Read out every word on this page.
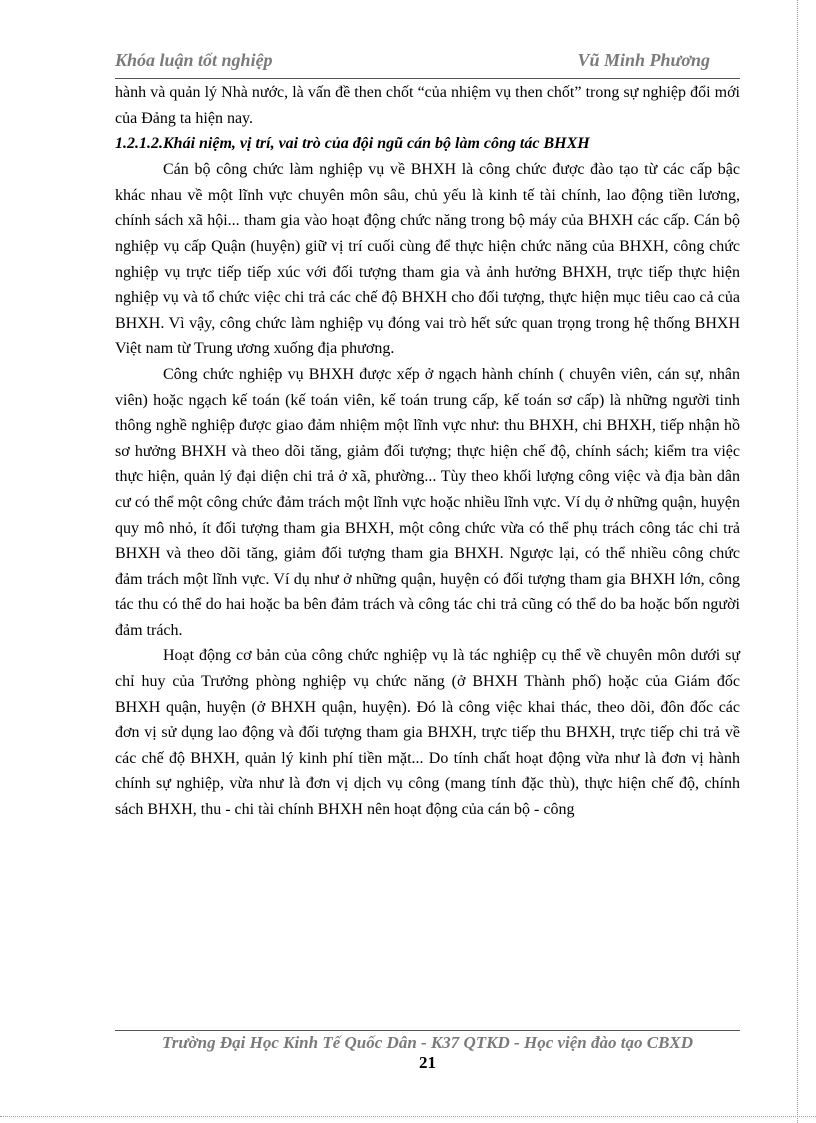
Khóa luận tốt nghiệp	Vũ Minh Phương

hành và quản lý Nhà nước, là vấn đề then chốt “của nhiệm vụ then chốt” trong sự nghiệp đổi mới của Đảng ta hiện nay.

1.2.1.2.Khái niệm, vị trí, vai trò của đội ngũ cán bộ làm công tác BHXH

Cán bộ công chức làm nghiệp vụ về BHXH là công chức được đào tạo từ các cấp bậc khác nhau về một lĩnh vực chuyên môn sâu, chủ yếu là kinh tế tài chính, lao động tiền lương, chính sách xã hội... tham gia vào hoạt động chức năng trong bộ máy của BHXH các cấp. Cán bộ nghiệp vụ cấp Quận (huyện) giữ vị trí cuối cùng để thực hiện chức năng của BHXH, công chức nghiệp vụ trực tiếp tiếp xúc với đối tượng tham gia và ảnh hưởng BHXH, trực tiếp thực hiện nghiệp vụ và tổ chức việc chi trả các chế độ BHXH cho đối tượng, thực hiện mục tiêu cao cả của BHXH. Vì vậy, công chức làm nghiệp vụ đóng vai trò hết sức quan trọng trong hệ thống BHXH Việt nam từ Trung ương xuống địa phương.

Công chức nghiệp vụ BHXH được xếp ở ngạch hành chính ( chuyên viên, cán sự, nhân viên) hoặc ngạch kế toán (kế toán viên, kế toán trung cấp, kế toán sơ cấp) là những người tinh thông nghề nghiệp được giao đảm nhiệm một lĩnh vực như: thu BHXH, chi BHXH, tiếp nhận hồ sơ hưởng BHXH và theo dõi tăng, giảm đối tượng; thực hiện chế độ, chính sách; kiểm tra việc thực hiện, quản lý đại diện chi trả ở xã, phường... Tùy theo khối lượng công việc và địa bàn dân cư có thể một công chức đảm trách một lĩnh vực hoặc nhiều lĩnh vực. Ví dụ ở những quận, huyện quy mô nhỏ, ít đối tượng tham gia BHXH, một công chức vừa có thể phụ trách công tác chi trả BHXH và theo dõi tăng, giảm đối tượng tham gia BHXH. Ngược lại, có thể nhiều công chức đảm trách một lĩnh vực. Ví dụ như ở những quận, huyện có đối tượng tham gia BHXH lớn, công tác thu có thể do hai hoặc ba bên đảm trách và công tác chi trả cũng có thể do ba hoặc bốn người đảm trách.

Hoạt động cơ bản của công chức nghiệp vụ là tác nghiệp cụ thể về chuyên môn dưới sự chỉ huy của Trưởng phòng nghiệp vụ chức năng (ở BHXH Thành phố) hoặc của Giám đốc BHXH quận, huyện (ở BHXH quận, huyện). Đó là công việc khai thác, theo dõi, đôn đốc các đơn vị sử dụng lao động và đối tượng tham gia BHXH, trực tiếp thu BHXH, trực tiếp chi trả về các chế độ BHXH, quản lý kinh phí tiền mặt... Do tính chất hoạt động vừa như là đơn vị hành chính sự nghiệp, vừa như là đơn vị dịch vụ công (mang tính đặc thù), thực hiện chế độ, chính sách BHXH, thu - chi tài chính BHXH nên hoạt động của cán bộ - công

Trường Đại Học Kinh Tế Quốc Dân - K37 QTKD - Học viện đào tạo CBXD
21
